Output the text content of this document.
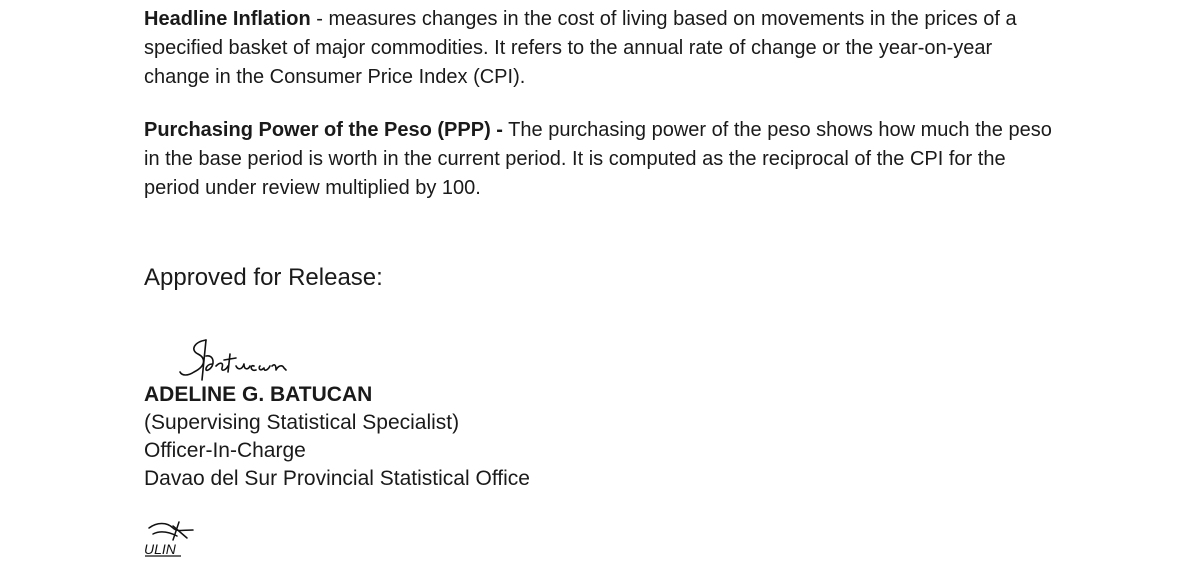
Headline Inflation - measures changes in the cost of living based on movements in the prices of a specified basket of major commodities. It refers to the annual rate of change or the year-on-year change in the Consumer Price Index (CPI).

Purchasing Power of the Peso (PPP) - The purchasing power of the peso shows how much the peso in the base period is worth in the current period. It is computed as the reciprocal of the CPI for the period under review multiplied by 100.

Approved for Release:

ADELINE G. BATUCAN
(Supervising Statistical Specialist)
Officer-In-Charge
Davao del Sur Provincial Statistical Office
ULIN
